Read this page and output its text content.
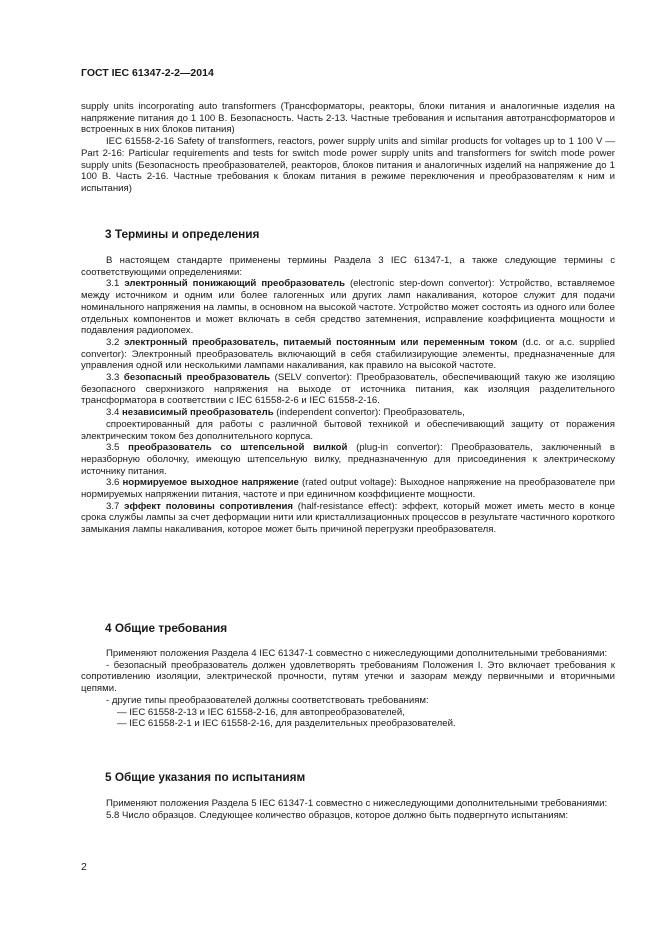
ГОСТ IEC 61347-2-2—2014

supply units incorporating auto transformers (Трансформаторы, реакторы, блоки питания и аналогичные изделия на напряжение питания до 1 100 В. Безопасность. Часть 2-13. Частные требования и испытания автотрансформаторов и встроенных в них блоков питания)

IEC 61558-2-16 Safety of transformers, reactors, power supply units and similar products for voltages up to 1 100 V — Part 2-16: Particular requirements and tests for switch mode power supply units and transformers for switch mode power supply units (Безопасность преобразователей, реакторов, блоков питания и аналогичных изделий на напряжение до 1 100 В. Часть 2-16. Частные требования к блокам питания в режиме переключения и преобразователям к ним и испытания)

3 Термины и определения

В настоящем стандарте применены термины Раздела 3 IEC 61347-1, а также следующие термины с соответствующими определениями:

3.1 электронный понижающий преобразователь (electronic step-down convertor): Устройство, вставляемое между источником и одним или более галогенных или других ламп накаливания, которое служит для подачи номинального напряжения на лампы, в основном на высокой частоте. Устройство может состоять из одного или более отдельных компонентов и может включать в себя средство затемнения, исправление коэффициента мощности и подавления радиопомех.

3.2 электронный преобразователь, питаемый постоянным или переменным током (d.c. or a.c. supplied convertor): Электронный преобразователь включающий в себя стабилизирующие элементы, предназначенные для управления одной или несколькими лампами накаливания, как правило на высокой частоте.

3.3 безопасный преобразователь (SELV convertor): Преобразователь, обеспечивающий такую же изоляцию безопасного сверхнизкого напряжения на выходе от источника питания, как изоляция разделительного трансформатора в соответствии с IEC 61558-2-6 и IEC 61558-2-16.

3.4 независимый преобразователь (independent convertor): Преобразователь,

спроектированный для работы с различной бытовой техникой и обеспечивающий защиту от поражения электрическим током без дополнительного корпуса.

3.5 преобразователь со штепсельной вилкой (plug-in convertor): Преобразователь, заключенный в неразборную оболочку, имеющую штепсельную вилку, предназначенную для присоединения к электрическому источнику питания.

3.6 нормируемое выходное напряжение (rated output voltage): Выходное напряжение на преобразователе при нормируемых напряжении питания, частоте и при единичном коэффициенте мощности.

3.7 эффект половины сопротивления (half-resistance effect): эффект, который может иметь место в конце срока службы лампы за счет деформации нити или кристаллизационных процессов в результате частичного короткого замыкания лампы накаливания, которое может быть причиной перегрузки преобразователя.

4 Общие требования

Применяют положения Раздела 4 IEC 61347-1 совместно с нижеследующими дополнительными требованиями:

- безопасный преобразователь должен удовлетворять требованиям Положения I. Это включает требования к сопротивлению изоляции, электрической прочности, путям утечки и зазорам между первичными и вторичными цепями.

- другие типы преобразователей должны соответствовать требованиям:

— IEC 61558-2-13 и IEC 61558-2-16, для автопреобразователей,

— IEC 61558-2-1 и IEC 61558-2-16, для разделительных преобразователей.

5 Общие указания по испытаниям

Применяют положения Раздела 5 IEC 61347-1 совместно с нижеследующими дополнительными требованиями:

5.8 Число образцов. Следующее количество образцов, которое должно быть подвергнуто испытаниям:

2
